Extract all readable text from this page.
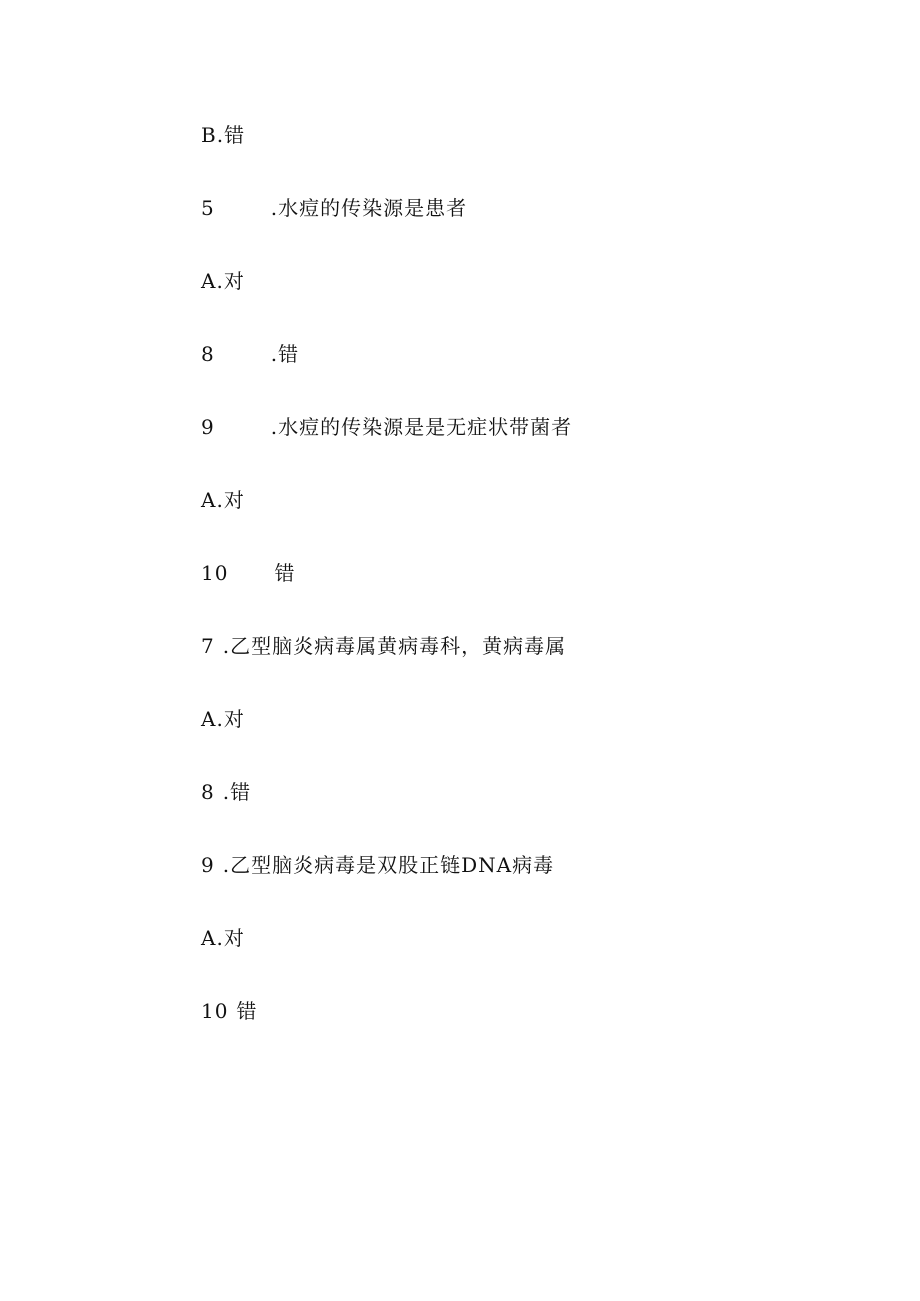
B.错
5	.水痘的传染源是患者
A.对
8	.错
9	.水痘的传染源是是无症状带菌者
A.对
10 错
7 .乙型脑炎病毒属黄病毒科，黄病毒属
A.对
8 .错
9 .乙型脑炎病毒是双股正链DNA病毒
A.对
10 错
